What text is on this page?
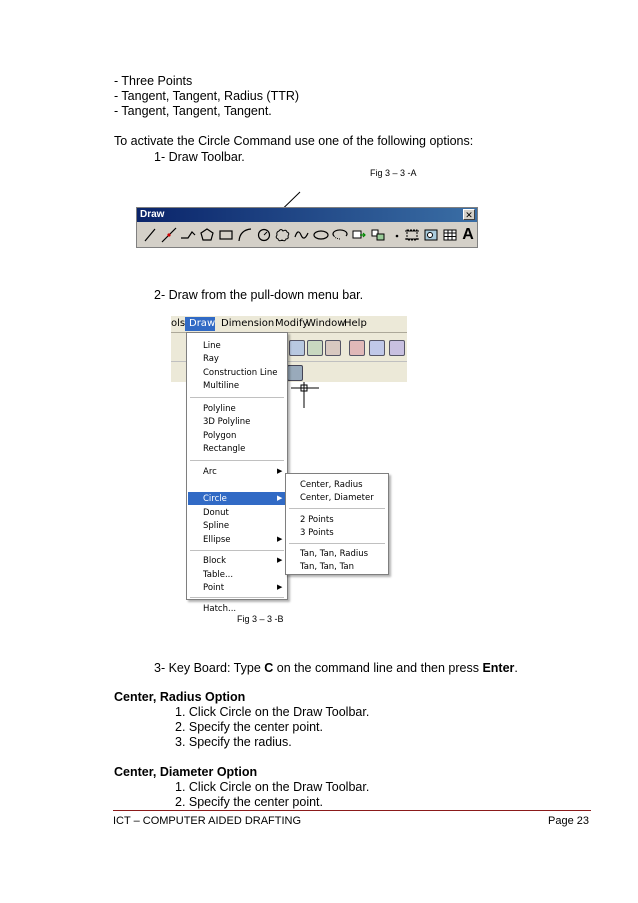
- Three Points
- Tangent, Tangent, Radius (TTR)
- Tangent, Tangent, Tangent.
To activate the Circle Command use one of the following options:
1- Draw Toolbar.
Fig 3 – 3 -A
Draw	✕
A
2- Draw from the pull-down menu bar.
ols Draw Dimension Modify
Window
Help
Line
Ray
Construction Line
Multiline
Polyline
3D Polyline
Polygon
Rectangle
Arc	▶
Circle	▶
Donut
Spline
Ellipse	▶
Block	▶
Table...
Point	▶
Hatch...
Center, Radius
Center, Diameter
2 Points
3 Points
Tan, Tan, Radius
Tan, Tan, Tan
Fig 3 – 3 -B
3- Key Board: Type C on the command line and then press Enter.
Center, Radius Option
1. Click Circle on the Draw Toolbar.
2. Specify the center point.
3. Specify the radius.
Center, Diameter Option
1. Click Circle on the Draw Toolbar.
2. Specify the center point.
ICT – COMPUTER AIDED DRAFTING	Page 23
